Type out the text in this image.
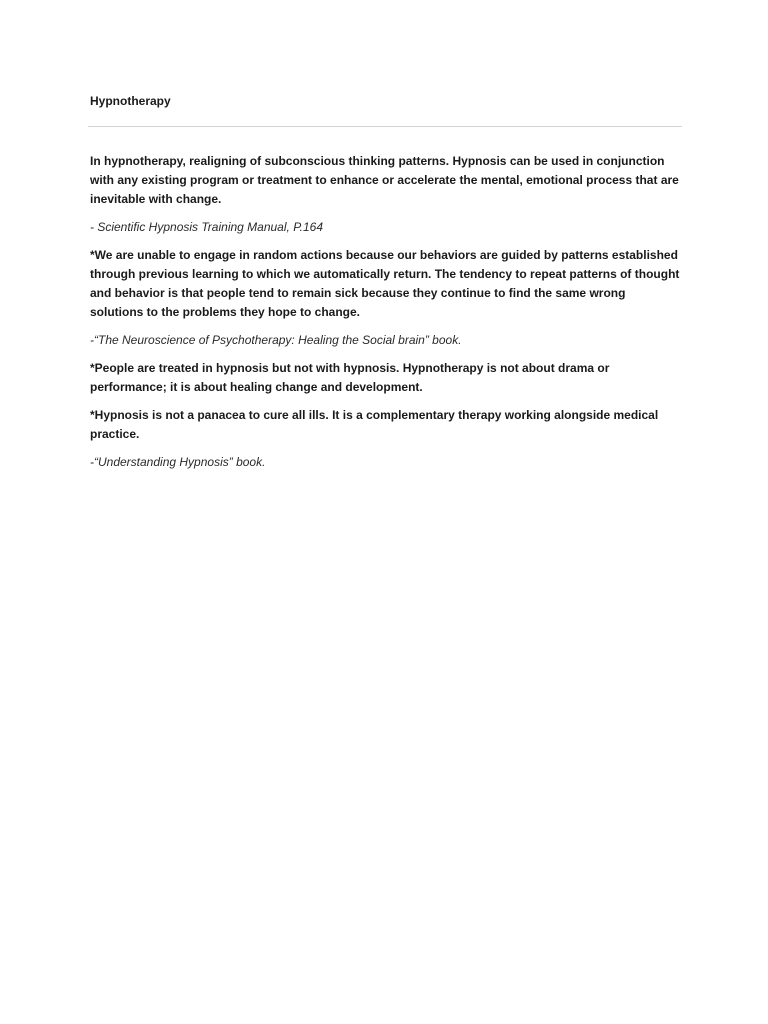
Hypnotherapy

In hypnotherapy, realigning of subconscious thinking patterns. Hypnosis can be used in conjunction with any existing program or treatment to enhance or accelerate the mental, emotional process that are inevitable with change.

- Scientific Hypnosis Training Manual, P.164

*We are unable to engage in random actions because our behaviors are guided by patterns established through previous learning to which we automatically return. The tendency to repeat patterns of thought and behavior is that people tend to remain sick because they continue to find the same wrong solutions to the problems they hope to change.

-“The Neuroscience of Psychotherapy: Healing the Social brain” book.

*People are treated in hypnosis but not with hypnosis. Hypnotherapy is not about drama or performance; it is about healing change and development.

*Hypnosis is not a panacea to cure all ills. It is a complementary therapy working alongside medical practice.

-“Understanding Hypnosis” book.
